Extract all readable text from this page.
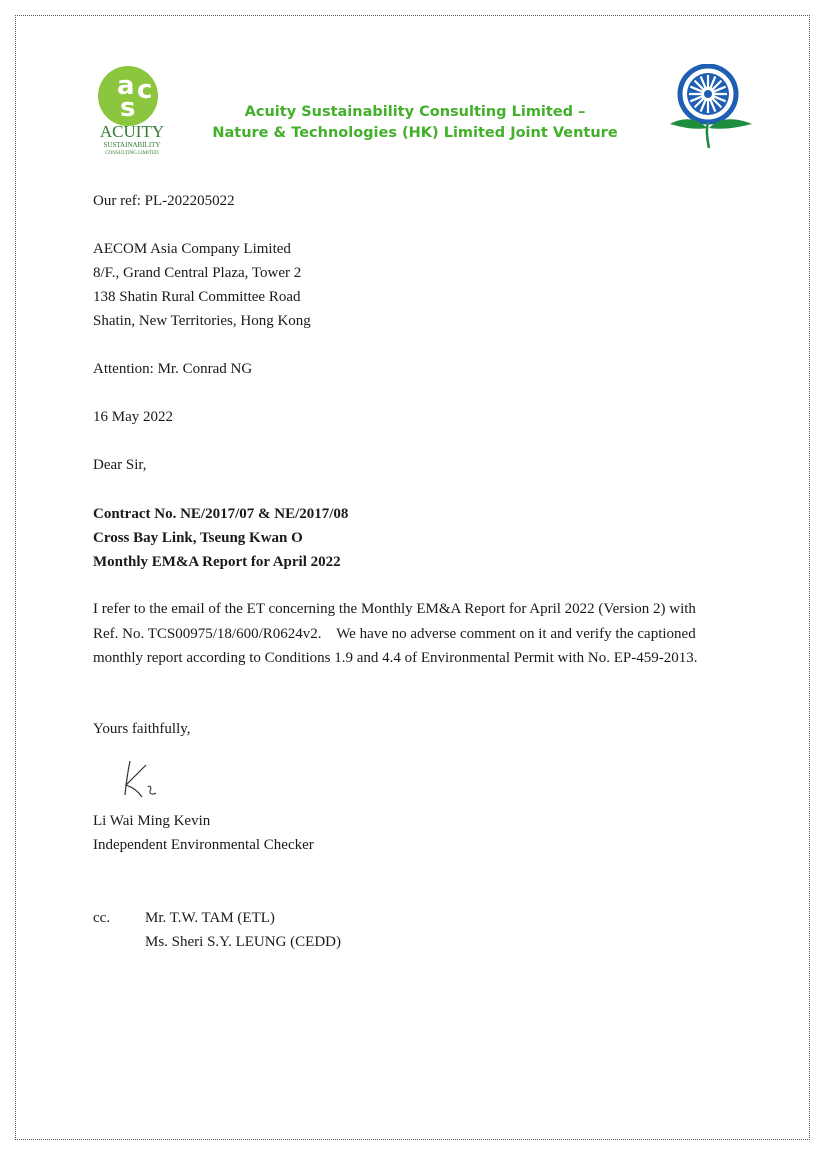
a
s
c
ACUITY
SUSTAINABILITY
CONSULTING LIMITED
Acuity Sustainability Consulting Limited –
Nature & Technologies (HK) Limited Joint Venture
Our ref: PL-202205022
AECOM Asia Company Limited
8/F., Grand Central Plaza, Tower 2
138 Shatin Rural Committee Road
Shatin, New Territories, Hong Kong
Attention: Mr. Conrad NG
16 May 2022
Dear Sir,
Contract No. NE/2017/07 & NE/2017/08
Cross Bay Link, Tseung Kwan O
Monthly EM&A Report for April 2022
I refer to the email of the ET concerning the Monthly EM&A Report for April 2022 (Version 2) with
Ref. No. TCS00975/18/600/R0624v2.    We have no adverse comment on it and verify the captioned
monthly report according to Conditions 1.9 and 4.4 of Environmental Permit with No. EP-459-2013.
Yours faithfully,
Li Wai Ming Kevin
Independent Environmental Checker
cc. Mr. T.W. TAM (ETL)
Ms. Sheri S.Y. LEUNG (CEDD)
